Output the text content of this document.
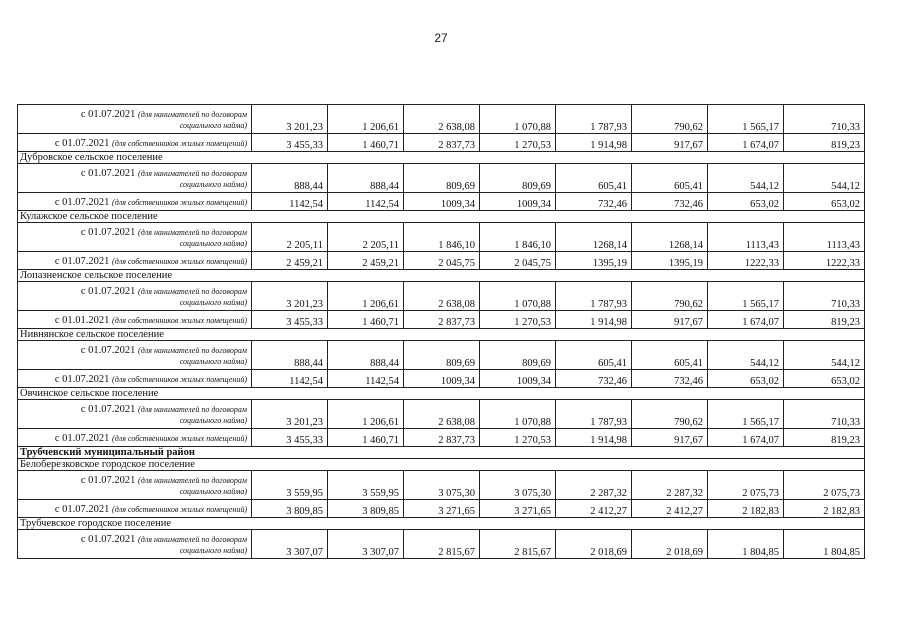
27
с 01.07.2021 (для нанимателей по договорам
социального найма)	3 201,23	1 206,61	2 638,08	1 070,88	1 787,93	790,62	1 565,17	710,33

с 01.07.2021 (для собственников жилых помещений)	3 455,33	1 460,71	2 837,73	1 270,53	1 914,98	917,67	1 674,07	819,23
Дубровское сельское поселение								

с 01.07.2021 (для нанимателей по договорам
социального найма)	888,44	888,44	809,69	809,69	605,41	605,41	544,12	544,12

с 01.07.2021 (для собственников жилых помещений)	1142,54	1142,54	1009,34	1009,34	732,46	732,46	653,02	653,02
Кулажское сельское поселение								

с 01.07.2021 (для нанимателей по договорам
социального найма)	2 205,11	2 205,11	1 846,10	1 846,10	1268,14	1268,14	1113,43	1113,43

с 01.07.2021 (для собственников жилых помещений)	2 459,21	2 459,21	2 045,75	2 045,75	1395,19	1395,19	1222,33	1222,33
Лопазненское сельское поселение								

с 01.07.2021 (для нанимателей по договорам
социального найма)	3 201,23	1 206,61	2 638,08	1 070,88	1 787,93	790,62	1 565,17	710,33

с 01.01.2021 (для собственников жилых помещений)	3 455,33	1 460,71	2 837,73	1 270,53	1 914,98	917,67	1 674,07	819,23
Нивнянское сельское поселение								

с 01.07.2021 (для нанимателей по договорам
социального найма)	888,44	888,44	809,69	809,69	605,41	605,41	544,12	544,12

с 01.07.2021 (для собственников жилых помещений)	1142,54	1142,54	1009,34	1009,34	732,46	732,46	653,02	653,02
Овчинское сельское поселение								

с 01.07.2021 (для нанимателей по договорам
социального найма)	3 201,23	1 206,61	2 638,08	1 070,88	1 787,93	790,62	1 565,17	710,33

с 01.07.2021 (для собственников жилых помещений)	3 455,33	1 460,71	2 837,73	1 270,53	1 914,98	917,67	1 674,07	819,23
Трубчевский муниципальный район								
Белоберезковское городское поселение								

с 01.07.2021 (для нанимателей по договорам
социального найма)	3 559,95	3 559,95	3 075,30	3 075,30	2 287,32	2 287,32	2 075,73	2 075,73

с 01.07.2021 (для собственников жилых помещений)	3 809,85	3 809,85	3 271,65	3 271,65	2 412,27	2 412,27	2 182,83	2 182,83
Трубчевское городское поселение								

с 01.07.2021 (для нанимателей по договорам
социального найма)	3 307,07	3 307,07	2 815,67	2 815,67	2 018,69	2 018,69	1 804,85	1 804,85
